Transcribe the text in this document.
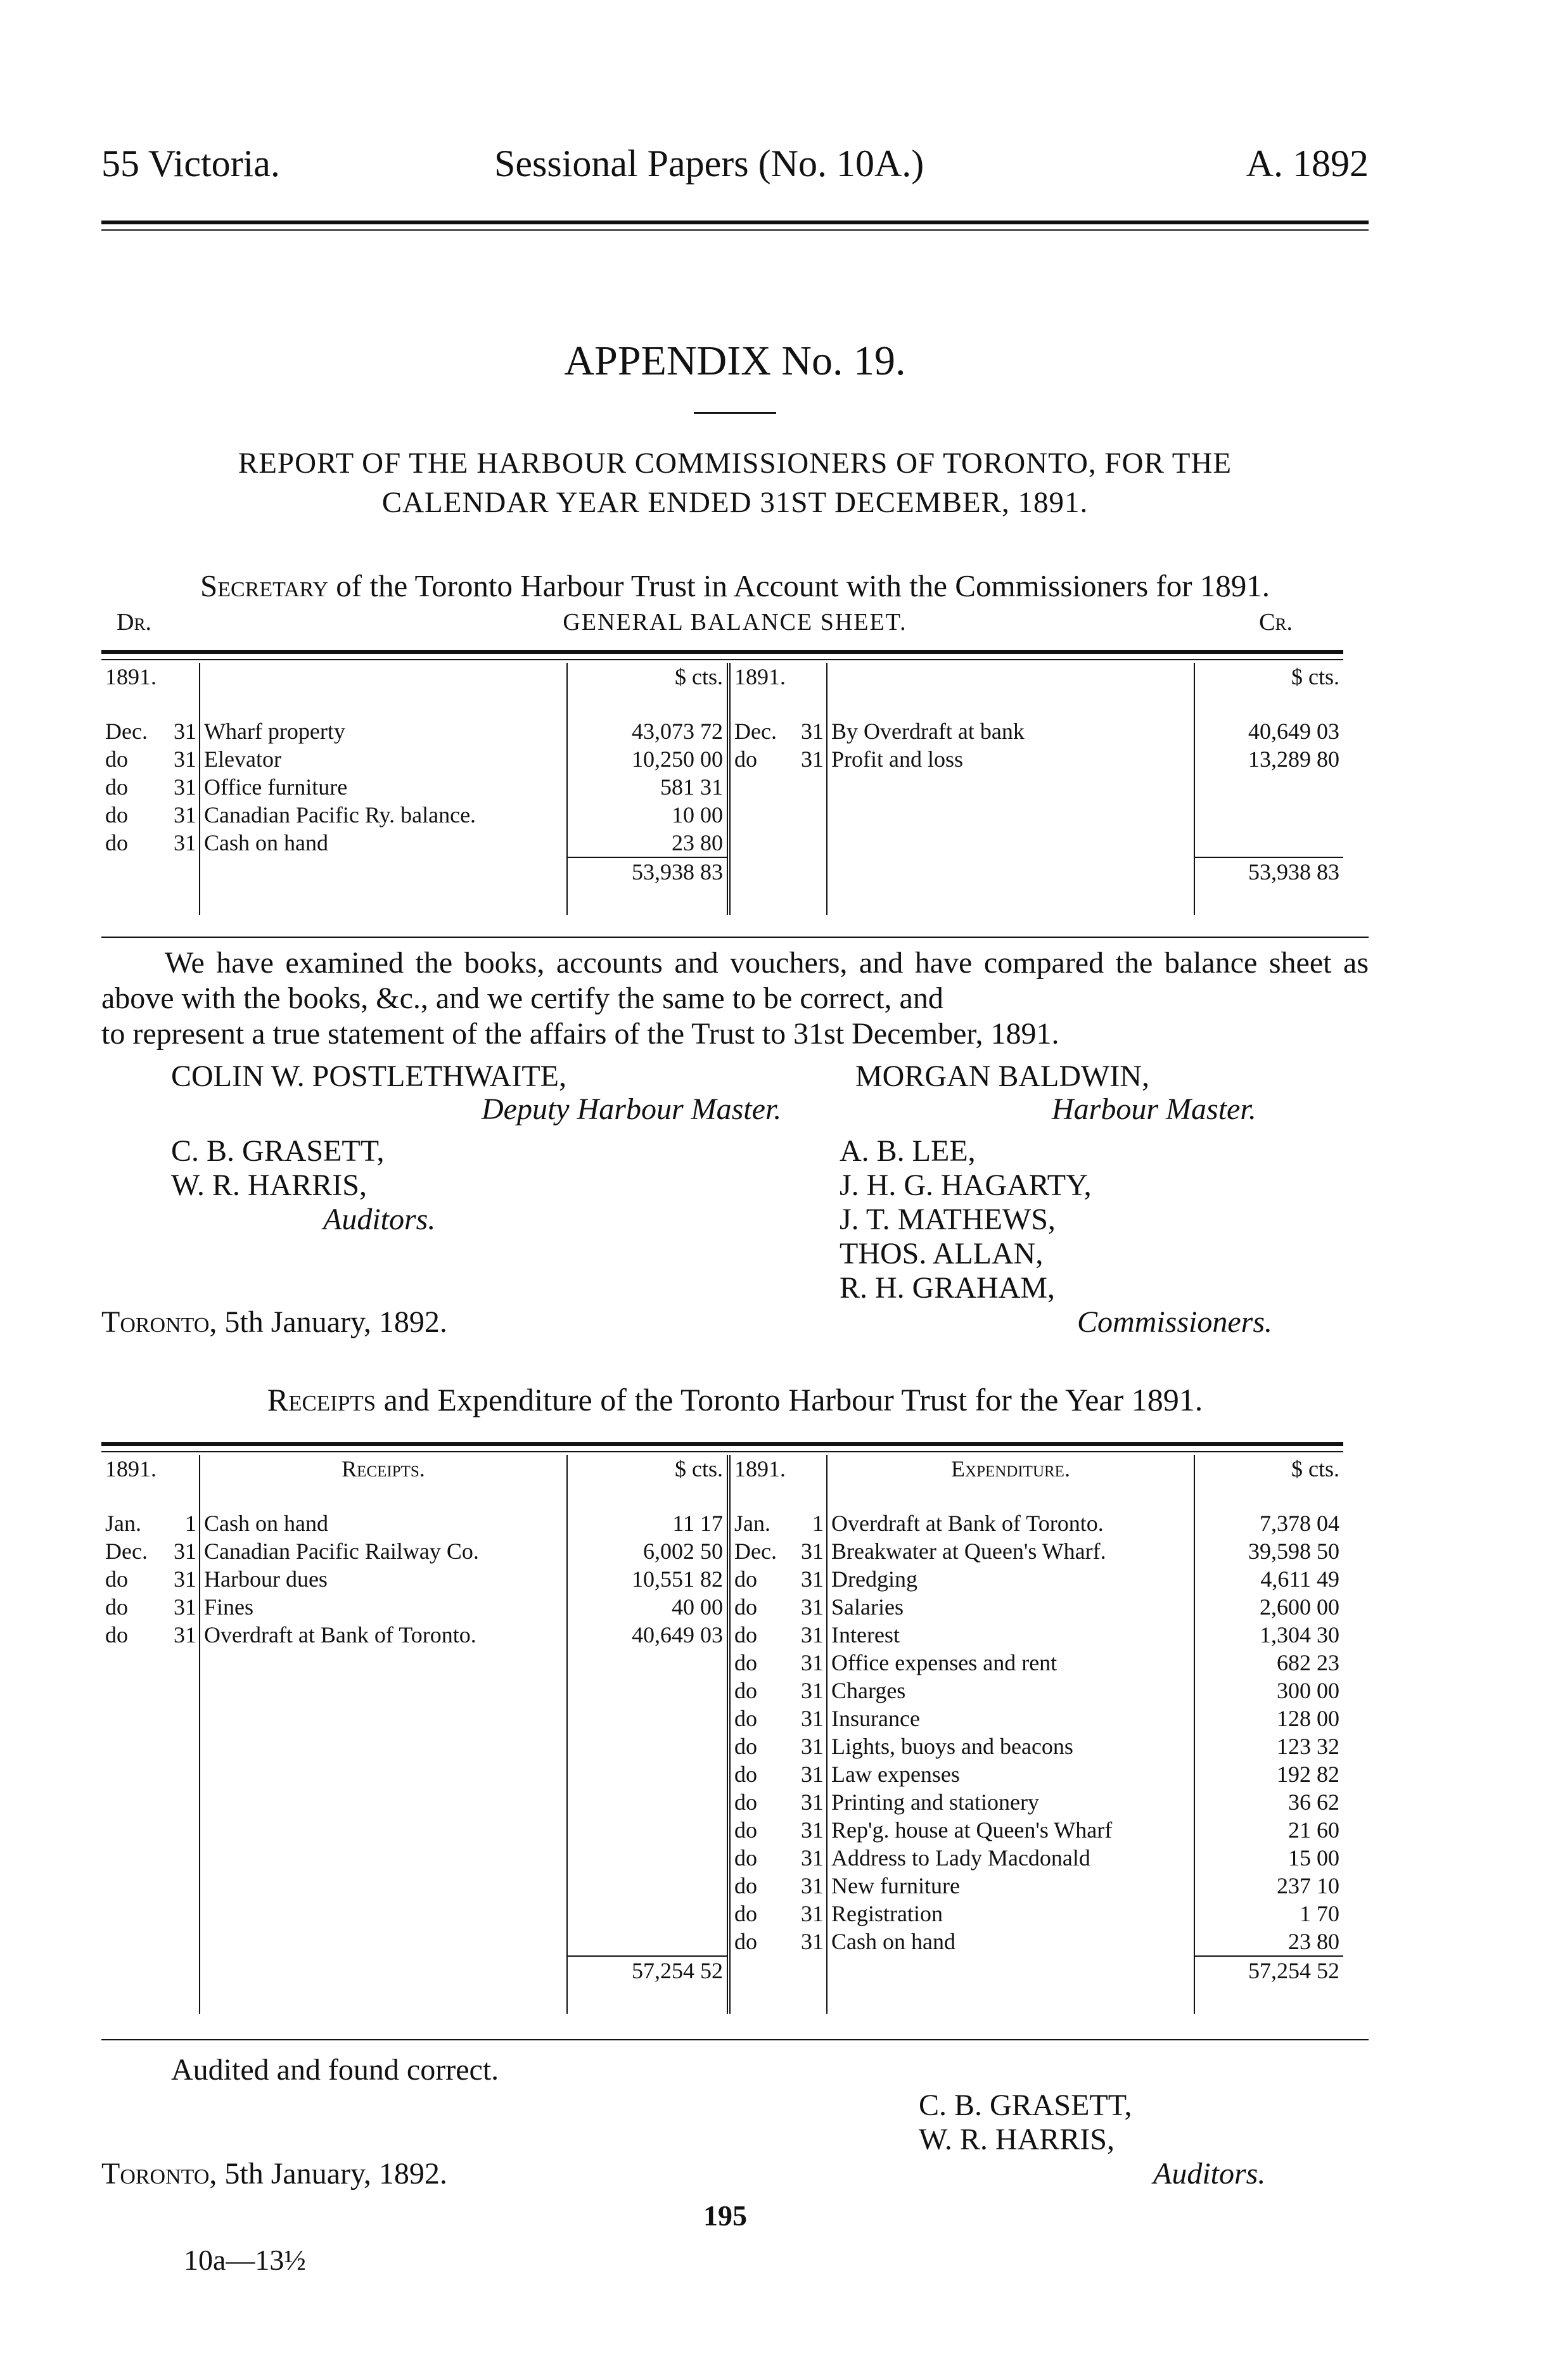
55 Victoria.	Sessional Papers (No. 10A.)	A. 1892
APPENDIX No. 19.
REPORT OF THE HARBOUR COMMISSIONERS OF TORONTO, FOR THE
CALENDAR YEAR ENDED 31ST DECEMBER, 1891.
Secretary of the Toronto Harbour Trust in Account with the Commissioners for 1891.
Dr.	GENERAL BALANCE SHEET.	Cr.
1891.			$ cts.	1891.			$ cts.
Dec.	31	Wharf property	43,073 72	Dec.	31	By Overdraft at bank	40,649 03
do	31	Elevator	10,250 00	do	31	Profit and loss	13,289 80
do	31	Office furniture	581 31				
do	31	Canadian Pacific Ry. balance.	10 00				
do	31	Cash on hand	23 80				
			53,938 83				53,938 83
We have examined the books, accounts and vouchers, and have compared the balance sheet as above with the books, &c., and we certify the same to be correct, and
to represent a true statement of the affairs of the Trust to 31st December, 1891.
COLIN W. POSTLETHWAITE,
Deputy Harbour Master.
MORGAN BALDWIN,
Harbour Master.
C. B. GRASETT,
W. R. HARRIS,
Auditors.
A. B. LEE,
J. H. G. HAGARTY,
J. T. MATHEWS,
THOS. ALLAN,
R. H. GRAHAM,
Commissioners.
Toronto, 5th January, 1892.
Receipts and Expenditure of the Toronto Harbour Trust for the Year 1891.
1891.		Receipts.	$ cts.	1891.		Expenditure.	$ cts.
Jan.	1	Cash on hand	11 17	Jan.	1	Overdraft at Bank of Toronto.	7,378 04
Dec.	31	Canadian Pacific Railway Co.	6,002 50	Dec.	31	Breakwater at Queen's Wharf.	39,598 50
do	31	Harbour dues	10,551 82	do	31	Dredging	4,611 49
do	31	Fines	40 00	do	31	Salaries	2,600 00
do	31	Overdraft at Bank of Toronto.	40,649 03	do	31	Interest	1,304 30
				do	31	Office expenses and rent	682 23
				do	31	Charges	300 00
				do	31	Insurance	128 00
				do	31	Lights, buoys and beacons	123 32
				do	31	Law expenses	192 82
				do	31	Printing and stationery	36 62
				do	31	Rep'g. house at Queen's Wharf	21 60
				do	31	Address to Lady Macdonald	15 00
				do	31	New furniture	237 10
				do	31	Registration	1 70
				do	31	Cash on hand	23 80
			57,254 52				57,254 52
Audited and found correct.
C. B. GRASETT,
W. R. HARRIS,
Auditors.
Toronto, 5th January, 1892.
195
10a—13½
